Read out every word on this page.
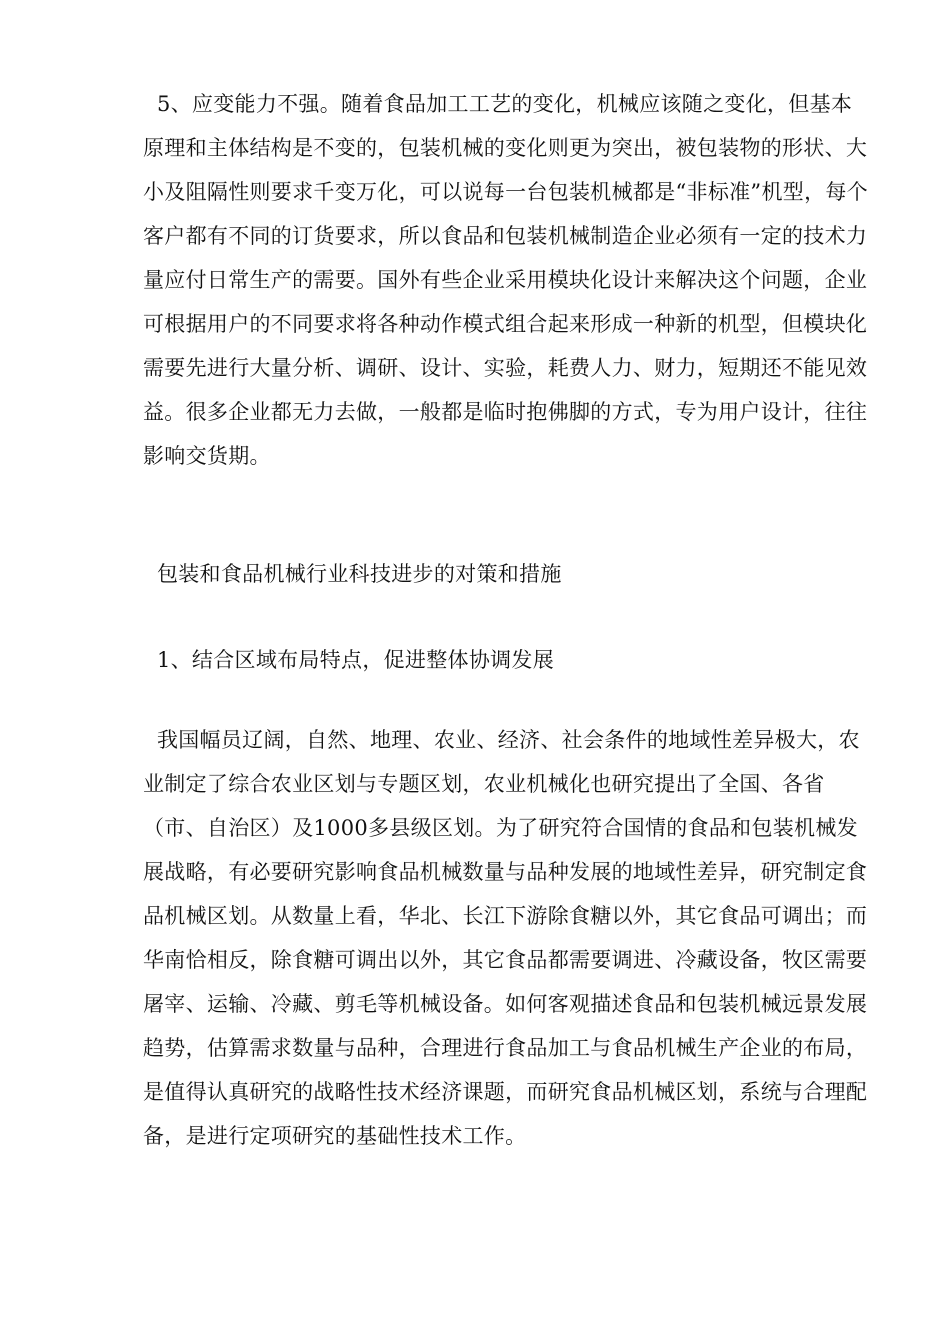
5、应变能力不强。随着食品加工工艺的变化，机械应该随之变化，但基本原理和主体结构是不变的，包装机械的变化则更为突出，被包装物的形状、大小及阻隔性则要求千变万化，可以说每一台包装机械都是“非标准”机型，每个客户都有不同的订货要求，所以食品和包装机械制造企业必须有一定的技术力量应付日常生产的需要。国外有些企业采用模块化设计来解决这个问题，企业可根据用户的不同要求将各种动作模式组合起来形成一种新的机型，但模块化需要先进行大量分析、调研、设计、实验，耗费人力、财力，短期还不能见效益。很多企业都无力去做，一般都是临时抱佛脚的方式，专为用户设计，往往影响交货期。
包装和食品机械行业科技进步的对策和措施
1、结合区域布局特点，促进整体协调发展
我国幅员辽阔，自然、地理、农业、经济、社会条件的地域性差异极大，农业制定了综合农业区划与专题区划，农业机械化也研究提出了全国、各省（市、自治区）及1000多县级区划。为了研究符合国情的食品和包装机械发展战略，有必要研究影响食品机械数量与品种发展的地域性差异，研究制定食品机械区划。从数量上看，华北、长江下游除食糖以外，其它食品可调出；而华南恰相反，除食糖可调出以外，其它食品都需要调进、冷藏设备，牧区需要屠宰、运输、冷藏、剪毛等机械设备。如何客观描述食品和包装机械远景发展趋势，估算需求数量与品种，合理进行食品加工与食品机械生产企业的布局，是值得认真研究的战略性技术经济课题，而研究食品机械区划，系统与合理配备，是进行定项研究的基础性技术工作。
